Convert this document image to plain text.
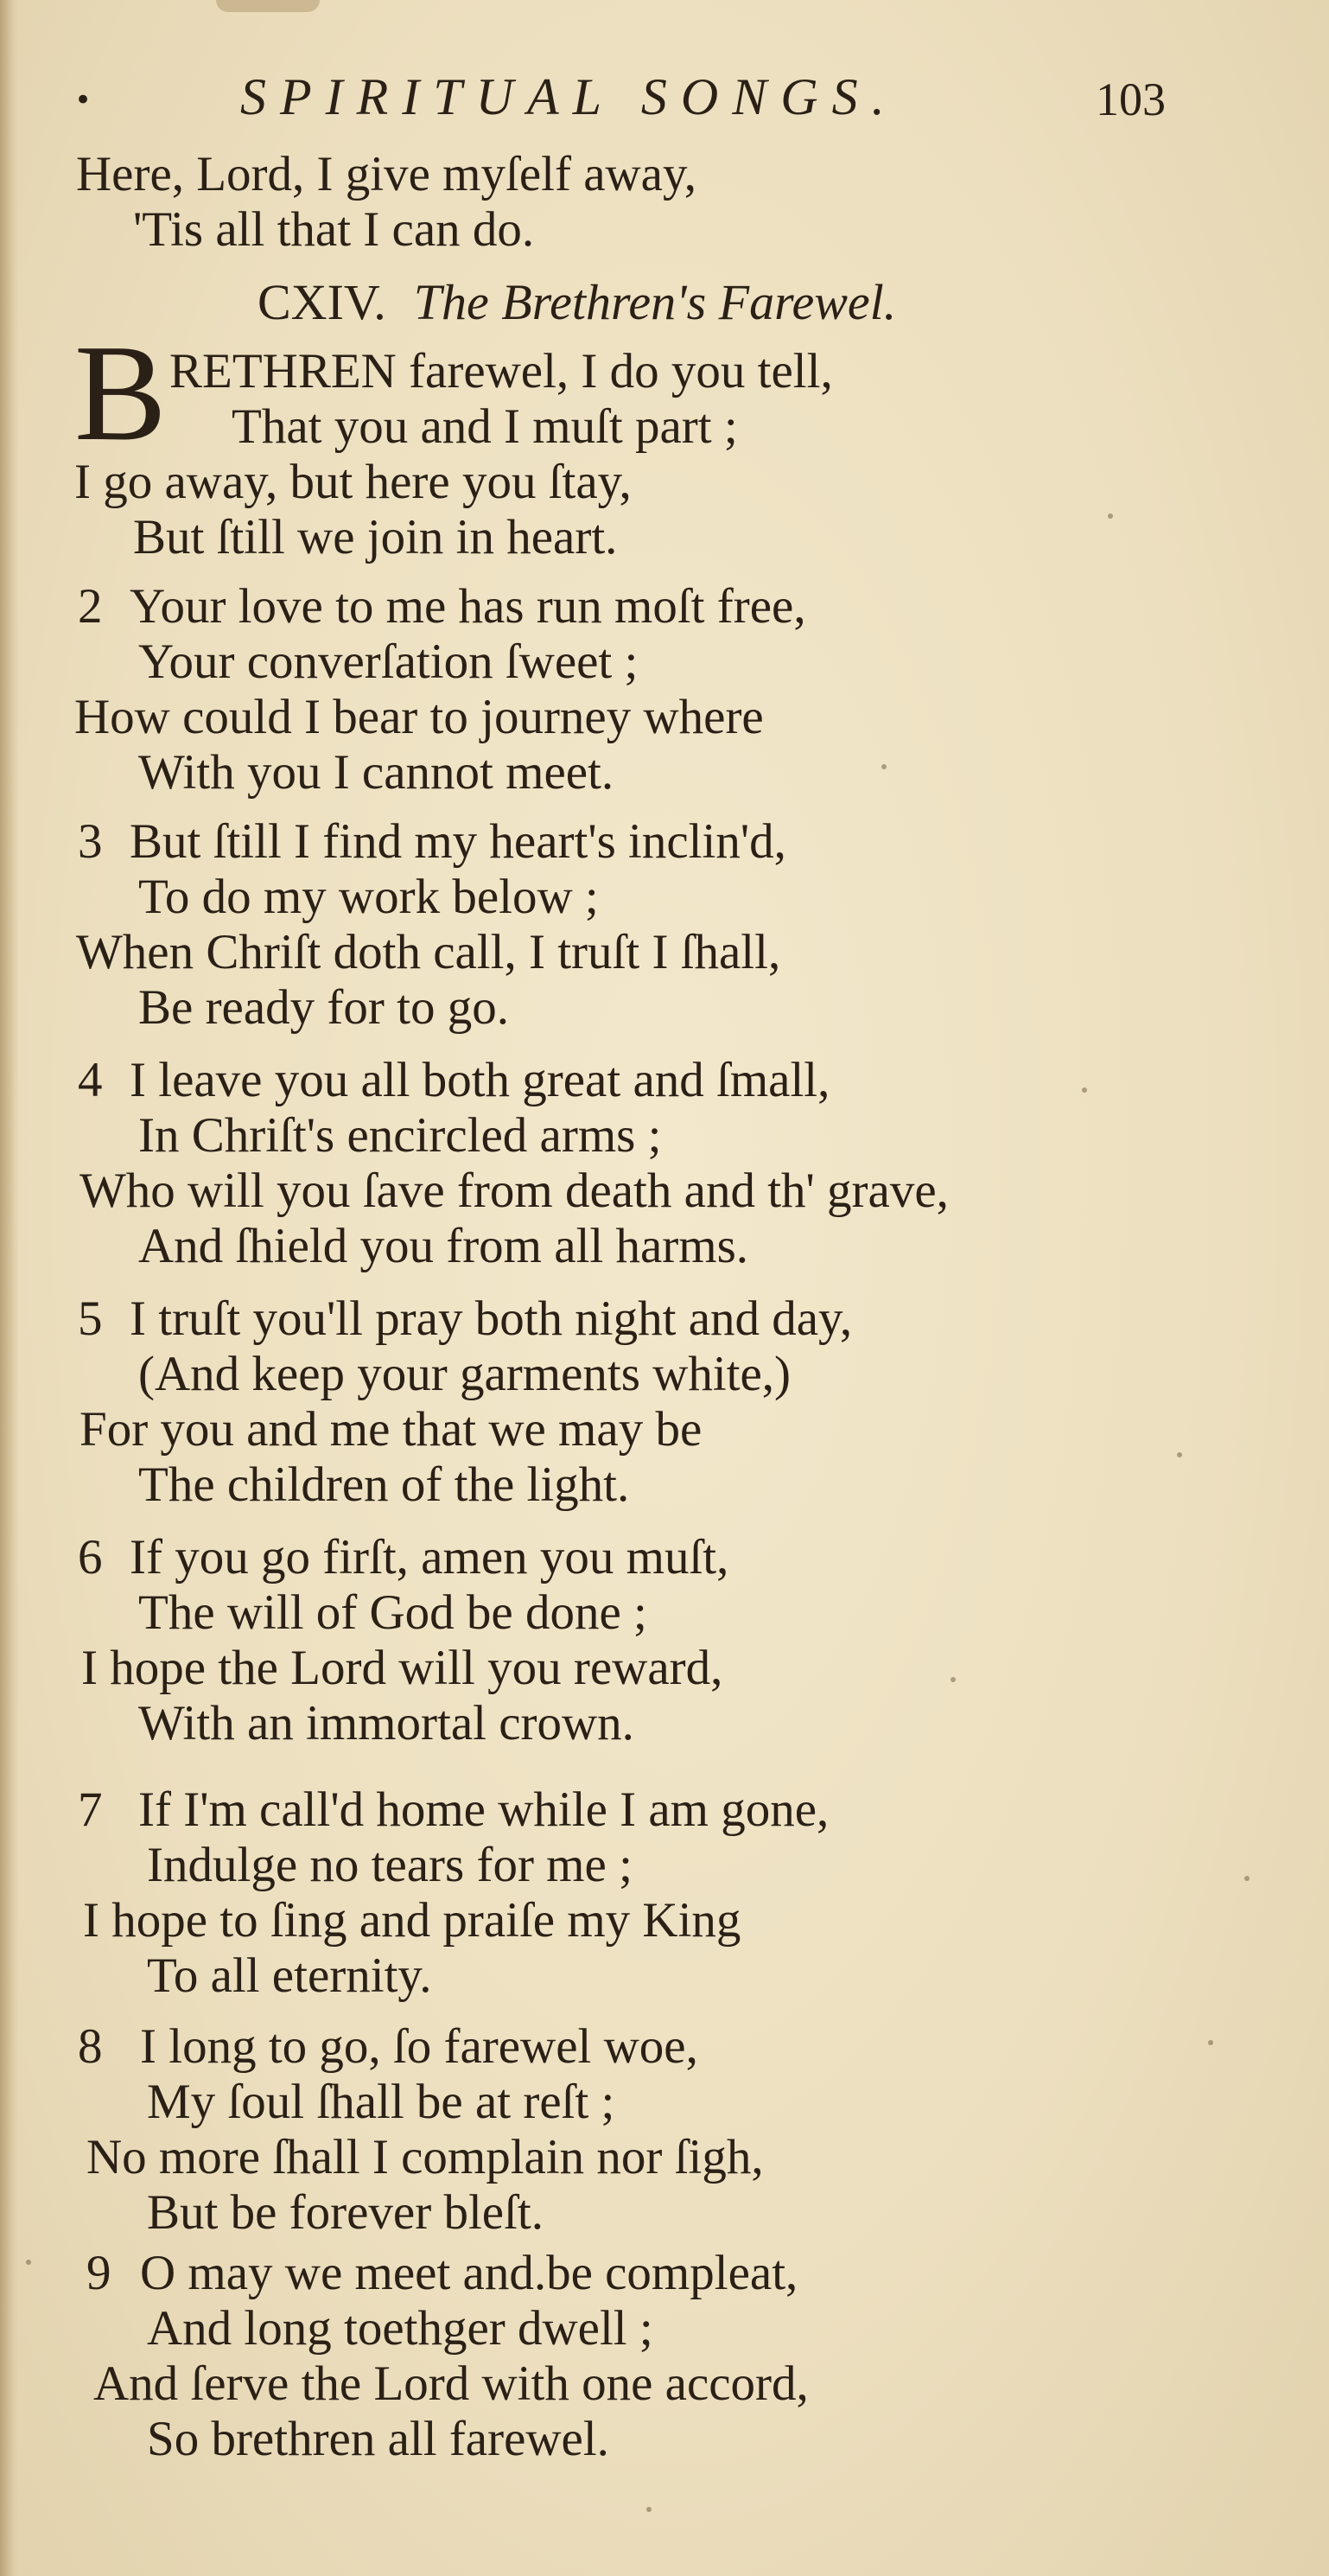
•	SPIRITUAL SONGS.	103
Here, Lord, I give myſelf away,
'Tis all that I can do.
CXIV. The Brethren's Farewel.
B RETHREN farewel, I do you tell,
That you and I muſt part ;
I go away, but here you ſtay,
But ſtill we join in heart.
2 Your love to me has run moſt free,
Your converſation ſweet ;
How could I bear to journey where
With you I cannot meet.
3 But ſtill I find my heart's inclin'd,
To do my work below ;
When Chriſt doth call, I truſt I ſhall,
Be ready for to go.
4 I leave you all both great and ſmall,
In Chriſt's encircled arms ;
Who will you ſave from death and th' grave,
And ſhield you from all harms.
5 I truſt you'll pray both night and day,
(And keep your garments white,)
For you and me that we may be
The children of the light.
6 If you go firſt, amen you muſt,
The will of God be done ;
I hope the Lord will you reward,
With an immortal crown.
7 If I'm call'd home while I am gone,
Indulge no tears for me ;
I hope to ſing and praiſe my King
To all eternity.
8 I long to go, ſo farewel woe,
My ſoul ſhall be at reſt ;
No more ſhall I complain nor ſigh,
But be forever bleſt.
9 O may we meet and.be compleat,
And long toethger dwell ;
And ſerve the Lord with one accord,
So brethren all farewel.
